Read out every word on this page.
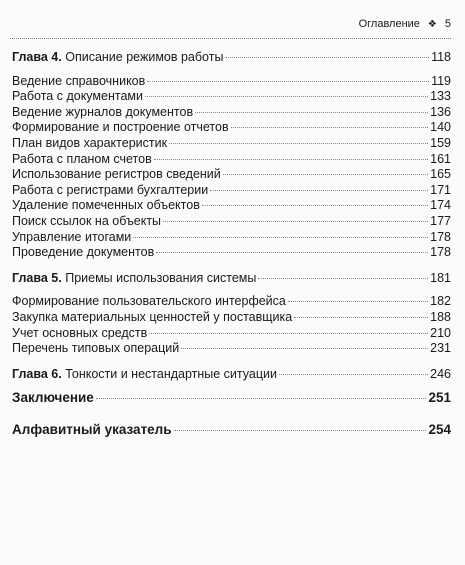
Оглавление ❖ 5
Глава 4. Описание режимов работы	118
Ведение справочников	119
Работа с документами	133
Ведение журналов документов	136
Формирование и построение отчетов	140
План видов характеристик	159
Работа с планом счетов	161
Использование регистров сведений	165
Работа с регистрами бухгалтерии	171
Удаление помеченных объектов	174
Поиск ссылок на объекты	177
Управление итогами	178
Проведение документов	178
Глава 5. Приемы использования системы	181
Формирование пользовательского интерфейса	182
Закупка материальных ценностей у поставщика	188
Учет основных средств	210
Перечень типовых операций	231
Глава 6. Тонкости и нестандартные ситуации	246
Заключение	251
Алфавитный указатель	254
